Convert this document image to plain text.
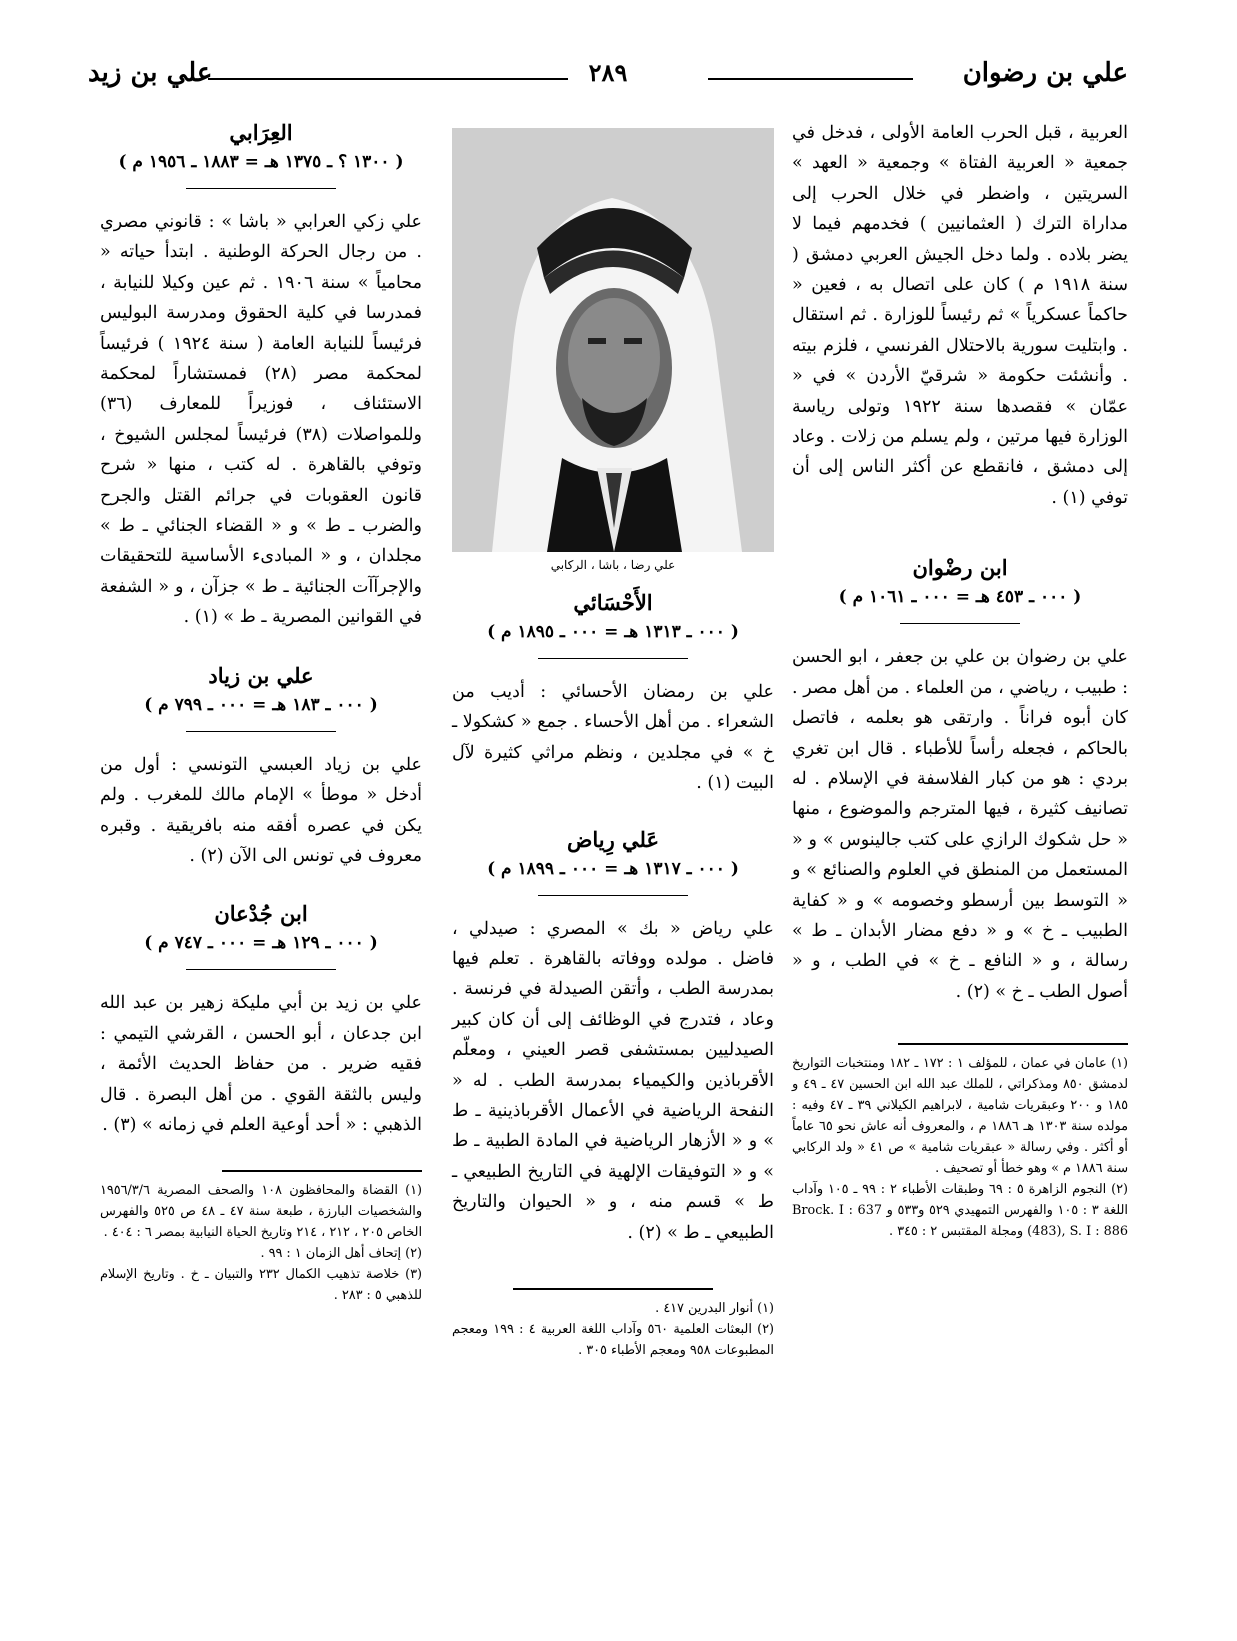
علي بن رضوان
٢٨٩
علي بن زيد

العربية ، قبل الحرب العامة الأولى ، فدخل في جمعية « العربية الفتاة » وجمعية « العهد » السريتين ، واضطر في خلال الحرب إلى مداراة الترك ( العثمانيين ) فخدمهم فيما لا يضر بلاده . ولما دخل الجيش العربي دمشق ( سنة ١٩١٨ م ) كان على اتصال به ، فعين « حاكماً عسكرياً » ثم رئيساً للوزارة . ثم استقال . وابتليت سورية بالاحتلال الفرنسي ، فلزم بيته . وأنشئت حكومة « شرقيّ الأردن » في « عمّان » فقصدها سنة ١٩٢٢ وتولى رياسة الوزارة فيها مرتين ، ولم يسلم من زلات . وعاد إلى دمشق ، فانقطع عن أكثر الناس إلى أن توفي (١) .

ابن رضْوان

( ٠٠٠ ـ ٤٥٣ هـ = ٠٠٠ ـ ١٠٦١ م )

علي بن رضوان بن علي بن جعفر ، ابو الحسن : طبيب ، رياضي ، من العلماء . من أهل مصر . كان أبوه فراناً . وارتقى هو بعلمه ، فاتصل بالحاكم ، فجعله رأساً للأطباء . قال ابن تغري بردي : هو من كبار الفلاسفة في الإسلام . له تصانيف كثيرة ، فيها المترجم والموضوع ، منها « حل شكوك الرازي على كتب جالينوس » و « المستعمل من المنطق في العلوم والصنائع » و « التوسط بين أرسطو وخصومه » و « كفاية الطبيب ـ خ » و « دفع مضار الأبدان ـ ط » رسالة ، و « النافع ـ خ » في الطب ، و « أصول الطب ـ خ » (٢) .

(١) عامان في عمان ، للمؤلف ١ : ١٧٢ ـ ١٨٢ ومنتخبات التواريخ لدمشق ٨٥٠ ومذكراتي ، للملك عبد الله ابن الحسين ٤٧ ـ ٤٩ و ١٨٥ و ٢٠٠ وعبقريات شامية ، لابراهيم الكيلاني ٣٩ ـ ٤٧ وفيه : مولده سنة ١٣٠٣ هـ ١٨٨٦ م ، والمعروف أنه عاش نحو ٦٥ عاماً أو أكثر . وفي رسالة « عبقريات شامية » ص ٤١ « ولد الركابي سنة ١٨٨٦ م » وهو خطأ أو تصحيف .

(٢) النجوم الزاهرة ٥ : ٦٩ وطبقات الأطباء ٢ : ٩٩ ـ ١٠٥ وآداب اللغة ٣ : ١٠٥ والفهرس التمهيدي ٥٢٩ و٥٣٣ و Brock. I : 637 (483), S. I : 886 ومجلة المقتبس ٢ : ٣٤٥ .

علي رضا ، باشا ، الركابي

الأَحْسَائي

( ٠٠٠ ـ ١٣١٣ هـ = ٠٠٠ ـ ١٨٩٥ م )

علي بن رمضان الأحسائي : أديب من الشعراء . من أهل الأحساء . جمع « كشكولا ـ خ » في مجلدين ، ونظم مراثي كثيرة لآل البيت (١) .

عَلي رِياض

( ٠٠٠ ـ ١٣١٧ هـ = ٠٠٠ ـ ١٨٩٩ م )

علي رياض « بك » المصري : صيدلي ، فاضل . مولده ووفاته بالقاهرة . تعلم فيها بمدرسة الطب ، وأتقن الصيدلة في فرنسة . وعاد ، فتدرج في الوظائف إلى أن كان كبير الصيدليين بمستشفى قصر العيني ، ومعلّم الأقرباذين والكيمياء بمدرسة الطب . له « النفحة الرياضية في الأعمال الأقرباذينية ـ ط » و « الأزهار الرياضية في المادة الطبية ـ ط » و « التوفيقات الإلهية في التاريخ الطبيعي ـ ط » قسم منه ، و « الحيوان والتاريخ الطبيعي ـ ط » (٢) .

(١) أنوار البدرين ٤١٧ .

(٢) البعثات العلمية ٥٦٠ وآداب اللغة العربية ٤ : ١٩٩ ومعجم المطبوعات ٩٥٨ ومعجم الأطباء ٣٠٥ .

العِرَابي

( ١٣٠٠ ؟ ـ ١٣٧٥ هـ = ١٨٨٣ ـ ١٩٥٦ م )

علي زكي العرابي « باشا » : قانوني مصري . من رجال الحركة الوطنية . ابتدأ حياته « محامياً » سنة ١٩٠٦ . ثم عين وكيلا للنيابة ، فمدرسا في كلية الحقوق ومدرسة البوليس فرئيساً للنيابة العامة ( سنة ١٩٢٤ ) فرئيساً لمحكمة مصر (٢٨) فمستشاراً لمحكمة الاستئناف ، فوزيراً للمعارف (٣٦) وللمواصلات (٣٨) فرئيساً لمجلس الشيوخ ، وتوفي بالقاهرة . له كتب ، منها « شرح قانون العقوبات في جرائم القتل والجرح والضرب ـ ط » و « القضاء الجنائي ـ ط » مجلدان ، و « المبادىء الأساسية للتحقيقات والإجرآآت الجنائية ـ ط » جزآن ، و « الشفعة في القوانين المصرية ـ ط » (١) .

علي بن زياد

( ٠٠٠ ـ ١٨٣ هـ = ٠٠٠ ـ ٧٩٩ م )

علي بن زياد العبسي التونسي : أول من أدخل « موطأ » الإمام مالك للمغرب . ولم يكن في عصره أفقه منه بافريقية . وقبره معروف في تونس الى الآن (٢) .

ابن جُدْعان

( ٠٠٠ ـ ١٢٩ هـ = ٠٠٠ ـ ٧٤٧ م )

علي بن زيد بن أبي مليكة زهير بن عبد الله ابن جدعان ، أبو الحسن ، القرشي التيمي : فقيه ضرير . من حفاظ الحديث الأئمة ، وليس بالثقة القوي . من أهل البصرة . قال الذهبي : « أحد أوعية العلم في زمانه » (٣) .

(١) القضاة والمحافظون ١٠٨ والصحف المصرية ١٩٥٦/٣/٦ والشخصيات البارزة ، طبعة سنة ٤٧ ـ ٤٨ ص ٥٢٥ والفهرس الخاص ٢٠٥ ، ٢١٢ ، ٢١٤ وتاريخ الحياة النيابية بمصر ٦ : ٤٠٤ .

(٢) إتحاف أهل الزمان ١ : ٩٩ .

(٣) خلاصة تذهيب الكمال ٢٣٢ والتبيان ـ خ . وتاريخ الإسلام للذهبي ٥ : ٢٨٣ .
